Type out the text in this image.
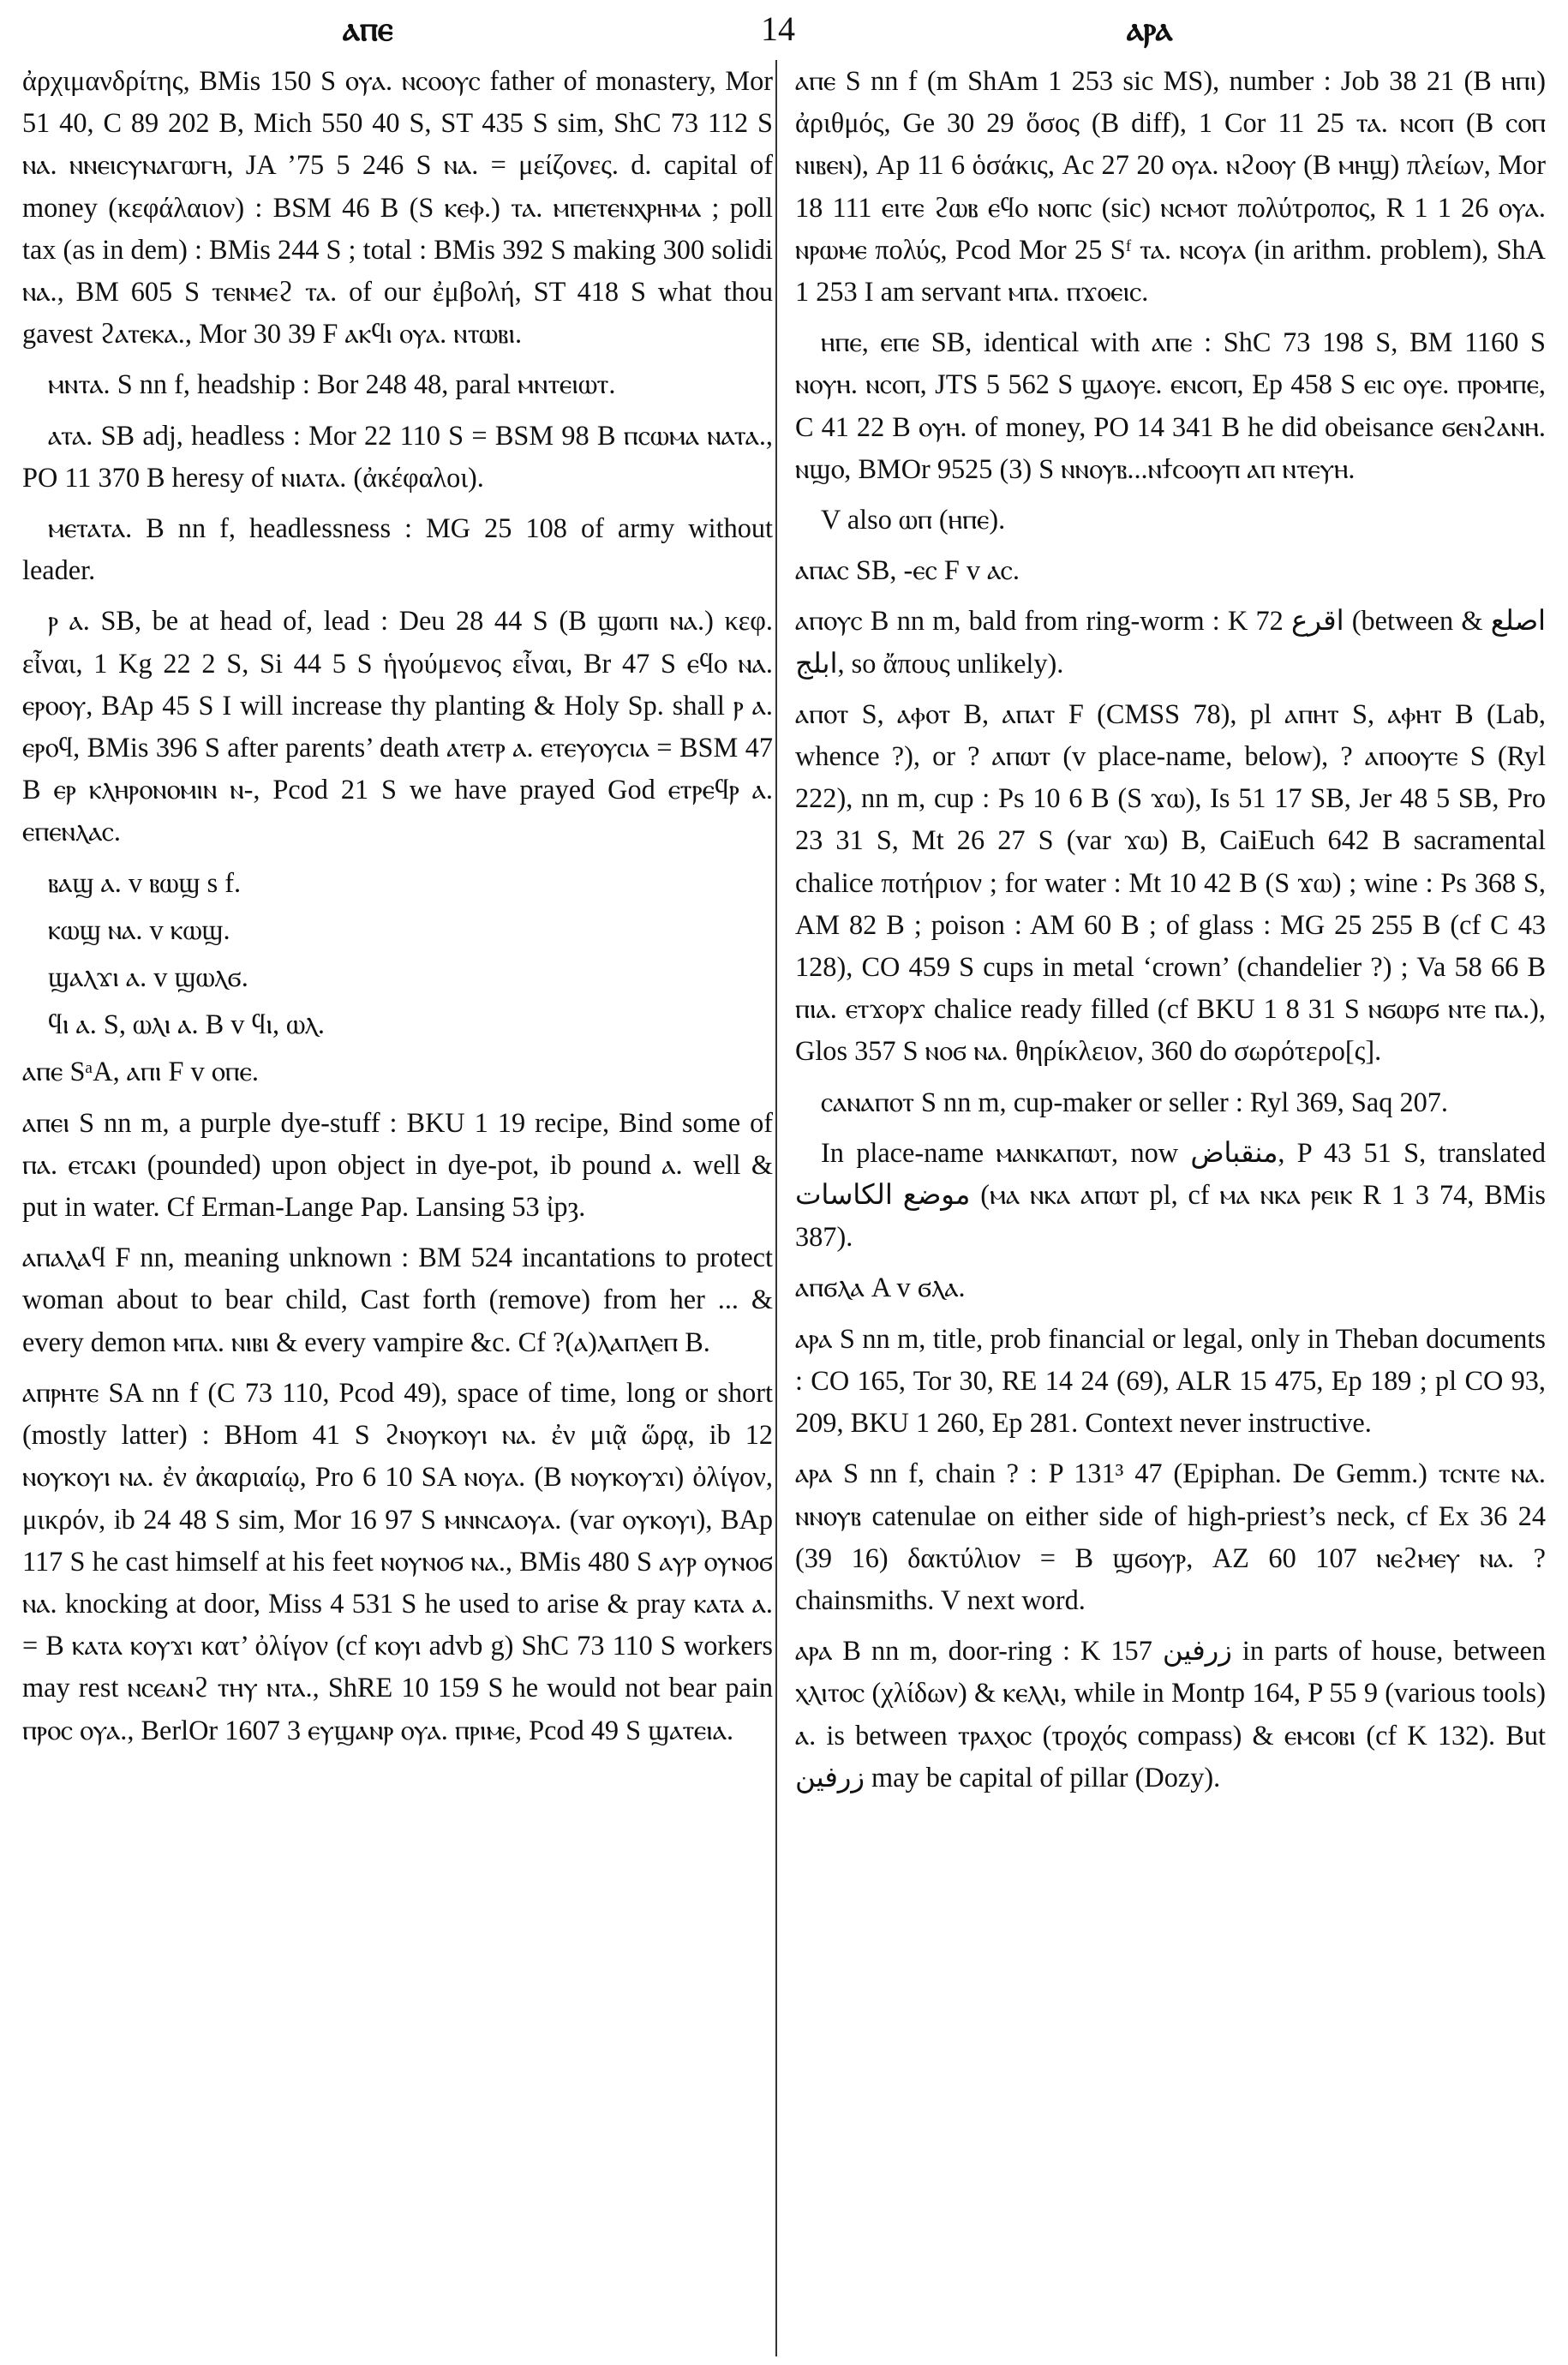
ⲁⲡⲉ	14	ⲁⲣⲁ

ἀρχιμανδρίτης, BMis 150 S ⲟⲩⲁ. ⲛⲥⲟⲟⲩⲥ father of monastery, Mor 51 40, C 89 202 B, Mich 550 40 S, ST 435 S sim, ShC 73 112 S ⲛⲁ. ⲛⲛⲉⲓⲥⲩⲛⲁⲅⲱⲅⲏ, JA ’75 5 246 S ⲛⲁ. = μείζονες. d. capital of money (κεφάλαιον) : BSM 46 B (S ⲕⲉⲫ.) ⲧⲁ. ⲙⲡⲉⲧⲉⲛⲭⲣⲏⲙⲁ ; poll tax (as in dem) : BMis 244 S ; total : BMis 392 S making 300 solidi ⲛⲁ., BM 605 S ⲧⲉⲛⲙⲉϩ ⲧⲁ. of our ἐμβολή, ST 418 S what thou gavest ϩⲁⲧⲉⲕⲁ., Mor 30 39 F ⲁⲕϥⲓ ⲟⲩⲁ. ⲛⲧⲱⲃⲓ.

ⲙⲛⲧⲁ. S nn f, headship : Bor 248 48, paral ⲙⲛⲧⲉⲓⲱⲧ.

ⲁⲧⲁ. SB adj, headless : Mor 22 110 S = BSM 98 B ⲡⲥⲱⲙⲁ ⲛⲁⲧⲁ., PO 11 370 B heresy of ⲛⲓⲁⲧⲁ. (ἀκέφαλοι).

ⲙⲉⲧⲁⲧⲁ. B nn f, headlessness : MG 25 108 of army without leader.

ⲣ ⲁ. SB, be at head of, lead : Deu 28 44 S (B ϣⲱⲡⲓ ⲛⲁ.) κεφ. εἶναι, 1 Kg 22 2 S, Si 44 5 S ἡγούμενος εἶναι, Br 47 S ⲉϥⲟ ⲛⲁ. ⲉⲣⲟⲟⲩ, BAp 45 S I will increase thy planting & Holy Sp. shall ⲣ ⲁ. ⲉⲣⲟϥ, BMis 396 S after parents’ death ⲁⲧⲉⲧⲣ ⲁ. ⲉⲧⲉⲩⲟⲩⲥⲓⲁ = BSM 47 B ⲉⲣ ⲕⲗⲏⲣⲟⲛⲟⲙⲓⲛ ⲛ-, Pcod 21 S we have prayed God ⲉⲧⲣⲉϥⲣ ⲁ. ⲉⲡⲉⲛⲗⲁⲥ.

ⲃⲁϣ ⲁ. v ⲃⲱϣ s f.

ⲕⲱϣ ⲛⲁ. v ⲕⲱϣ.

ϣⲁⲗϫⲓ ⲁ. v ϣⲱⲗϭ.

ϥⲓ ⲁ. S, ⲱⲗⲓ ⲁ. B v ϥⲓ, ⲱⲗ.

ⲁⲡⲉ SᵃA, ⲁⲡⲓ F v ⲟⲡⲉ.

ⲁⲡⲉⲓ S nn m, a purple dye-stuff : BKU 1 19 recipe, Bind some of ⲡⲁ. ⲉⲧⲥⲁⲕⲓ (pounded) upon object in dye-pot, ib pound ⲁ. well & put in water. Cf Erman-Lange Pap. Lansing 53 ἰpȝ.

ⲁⲡⲁⲗⲁϥ F nn, meaning unknown : BM 524 incantations to protect woman about to bear child, Cast forth (remove) from her ... & every demon ⲙⲡⲁ. ⲛⲓⲃⲓ & every vampire &c. Cf ?(ⲁ)ⲗⲁⲡⲗⲉⲡ B.

ⲁⲡⲣⲏⲧⲉ SA nn f (C 73 110, Pcod 49), space of time, long or short (mostly latter) : BHom 41 S ϩⲛⲟⲩⲕⲟⲩⲓ ⲛⲁ. ἐν μιᾷ ὥρᾳ, ib 12 ⲛⲟⲩⲕⲟⲩⲓ ⲛⲁ. ἐν ἀκαριαίῳ, Pro 6 10 SA ⲛⲟⲩⲁ. (B ⲛⲟⲩⲕⲟⲩϫⲓ) ὀλίγον, μικρόν, ib 24 48 S sim, Mor 16 97 S ⲙⲛⲛⲥⲁⲟⲩⲁ. (var ⲟⲩⲕⲟⲩⲓ), BAp 117 S he cast himself at his feet ⲛⲟⲩⲛⲟϭ ⲛⲁ., BMis 480 S ⲁⲩⲣ ⲟⲩⲛⲟϭ ⲛⲁ. knocking at door, Miss 4 531 S he used to arise & pray ⲕⲁⲧⲁ ⲁ. = B ⲕⲁⲧⲁ ⲕⲟⲩϫⲓ κατ’ ὀλίγον (cf ⲕⲟⲩⲓ advb g) ShC 73 110 S workers may rest ⲛⲥⲉⲁⲛϩ ⲧⲏⲩ ⲛⲧⲁ., ShRE 10 159 S he would not bear pain ⲡⲣⲟⲥ ⲟⲩⲁ., BerlOr 1607 3 ⲉⲩϣⲁⲛⲣ ⲟⲩⲁ. ⲡⲣⲓⲙⲉ, Pcod 49 S ϣⲁⲧⲉⲓⲁ.

ⲁⲡⲉ S nn f (m ShAm 1 253 sic MS), number : Job 38 21 (B ⲏⲡⲓ) ἀριθμός, Ge 30 29 ὅσος (B diff), 1 Cor 11 25 ⲧⲁ. ⲛⲥⲟⲡ (B ⲥⲟⲡ ⲛⲓⲃⲉⲛ), Ap 11 6 ὁσάκις, Ac 27 20 ⲟⲩⲁ. ⲛϩⲟⲟⲩ (B ⲙⲏϣ) πλείων, Mor 18 111 ⲉⲓⲧⲉ ϩⲱⲃ ⲉϥⲟ ⲛⲟⲡⲥ (sic) ⲛⲥⲙⲟⲧ πολύτροπος, R 1 1 26 ⲟⲩⲁ. ⲛⲣⲱⲙⲉ πολύς, Pcod Mor 25 Sᶠ ⲧⲁ. ⲛⲥⲟⲩⲁ (in arithm. problem), ShA 1 253 I am servant ⲙⲡⲁ. ⲡϫⲟⲉⲓⲥ.

ⲏⲡⲉ, ⲉⲡⲉ SB, identical with ⲁⲡⲉ : ShC 73 198 S, BM 1160 S ⲛⲟⲩⲏ. ⲛⲥⲟⲡ, JTS 5 562 S ϣⲁⲟⲩⲉ. ⲉⲛⲥⲟⲡ, Ep 458 S ⲉⲓⲥ ⲟⲩⲉ. ⲡⲣⲟⲙⲡⲉ, C 41 22 B ⲟⲩⲏ. of money, PO 14 341 B he did obeisance ϭⲉⲛϩⲁⲛⲏ. ⲛϣⲟ, BMOr 9525 (3) S ⲛⲛⲟⲩⲃ...ⲛϯⲥⲟⲟⲩⲡ ⲁⲡ ⲛⲧⲉⲩⲏ.

V also ⲱⲡ (ⲏⲡⲉ).

ⲁⲡⲁⲥ SB, -ⲉⲥ F v ⲁⲥ.

ⲁⲡⲟⲩⲥ B nn m, bald from ring-worm : K 72 اقرع (between اصلع & ابلج, so ἄπους unlikely).

ⲁⲡⲟⲧ S, ⲁⲫⲟⲧ B, ⲁⲡⲁⲧ F (CMSS 78), pl ⲁⲡⲏⲧ S, ⲁⲫⲏⲧ B (Lab, whence ?), or ? ⲁⲡⲱⲧ (v place-name, below), ? ⲁⲡⲟⲟⲩⲧⲉ S (Ryl 222), nn m, cup : Ps 10 6 B (S ϫⲱ), Is 51 17 SB, Jer 48 5 SB, Pro 23 31 S, Mt 26 27 S (var ϫⲱ) B, CaiEuch 642 B sacramental chalice ποτήριον ; for water : Mt 10 42 B (S ϫⲱ) ; wine : Ps 368 S, AM 82 B ; poison : AM 60 B ; of glass : MG 25 255 B (cf C 43 128), CO 459 S cups in metal ‘crown’ (chandelier ?) ; Va 58 66 B ⲡⲓⲁ. ⲉⲧϫⲟⲣϫ chalice ready filled (cf BKU 1 8 31 S ⲛϭⲱⲣϭ ⲛⲧⲉ ⲡⲁ.), Glos 357 S ⲛⲟϭ ⲛⲁ. θηρίκλειον, 360 do σωρότερο[ς].

ⲥⲁⲛⲁⲡⲟⲧ S nn m, cup-maker or seller : Ryl 369, Saq 207.

In place-name ⲙⲁⲛⲕⲁⲡⲱⲧ, now منقباض, P 43 51 S, translated موضع الكاسات (ⲙⲁ ⲛⲕⲁ ⲁⲡⲱⲧ pl, cf ⲙⲁ ⲛⲕⲁ ⲣⲉⲓⲕ R 1 3 74, BMis 387).

ⲁⲡϭⲗⲁ A v ϭⲗⲁ.

ⲁⲣⲁ S nn m, title, prob financial or legal, only in Theban documents : CO 165, Tor 30, RE 14 24 (69), ALR 15 475, Ep 189 ; pl CO 93, 209, BKU 1 260, Ep 281. Context never instructive.

ⲁⲣⲁ S nn f, chain ? : P 131³ 47 (Epiphan. De Gemm.) ⲧⲥⲛⲧⲉ ⲛⲁ. ⲛⲛⲟⲩⲃ catenulae on either side of high-priest’s neck, cf Ex 36 24 (39 16) δακτύλιον = B ϣϭⲟⲩⲣ, AZ 60 107 ⲛⲉϩⲙⲉⲩ ⲛⲁ. ? chainsmiths. V next word.

ⲁⲣⲁ B nn m, door-ring : K 157 زرفين in parts of house, between ⲭⲗⲓⲧⲟⲥ (χλίδων) & ⲕⲉⲗⲗⲓ, while in Montp 164, P 55 9 (various tools) ⲁ. is between ⲧⲣⲁⲭⲟⲥ (τροχός compass) & ⲉⲙⲥⲟⲃⲓ (cf K 132). But زرفين may be capital of pillar (Dozy).
